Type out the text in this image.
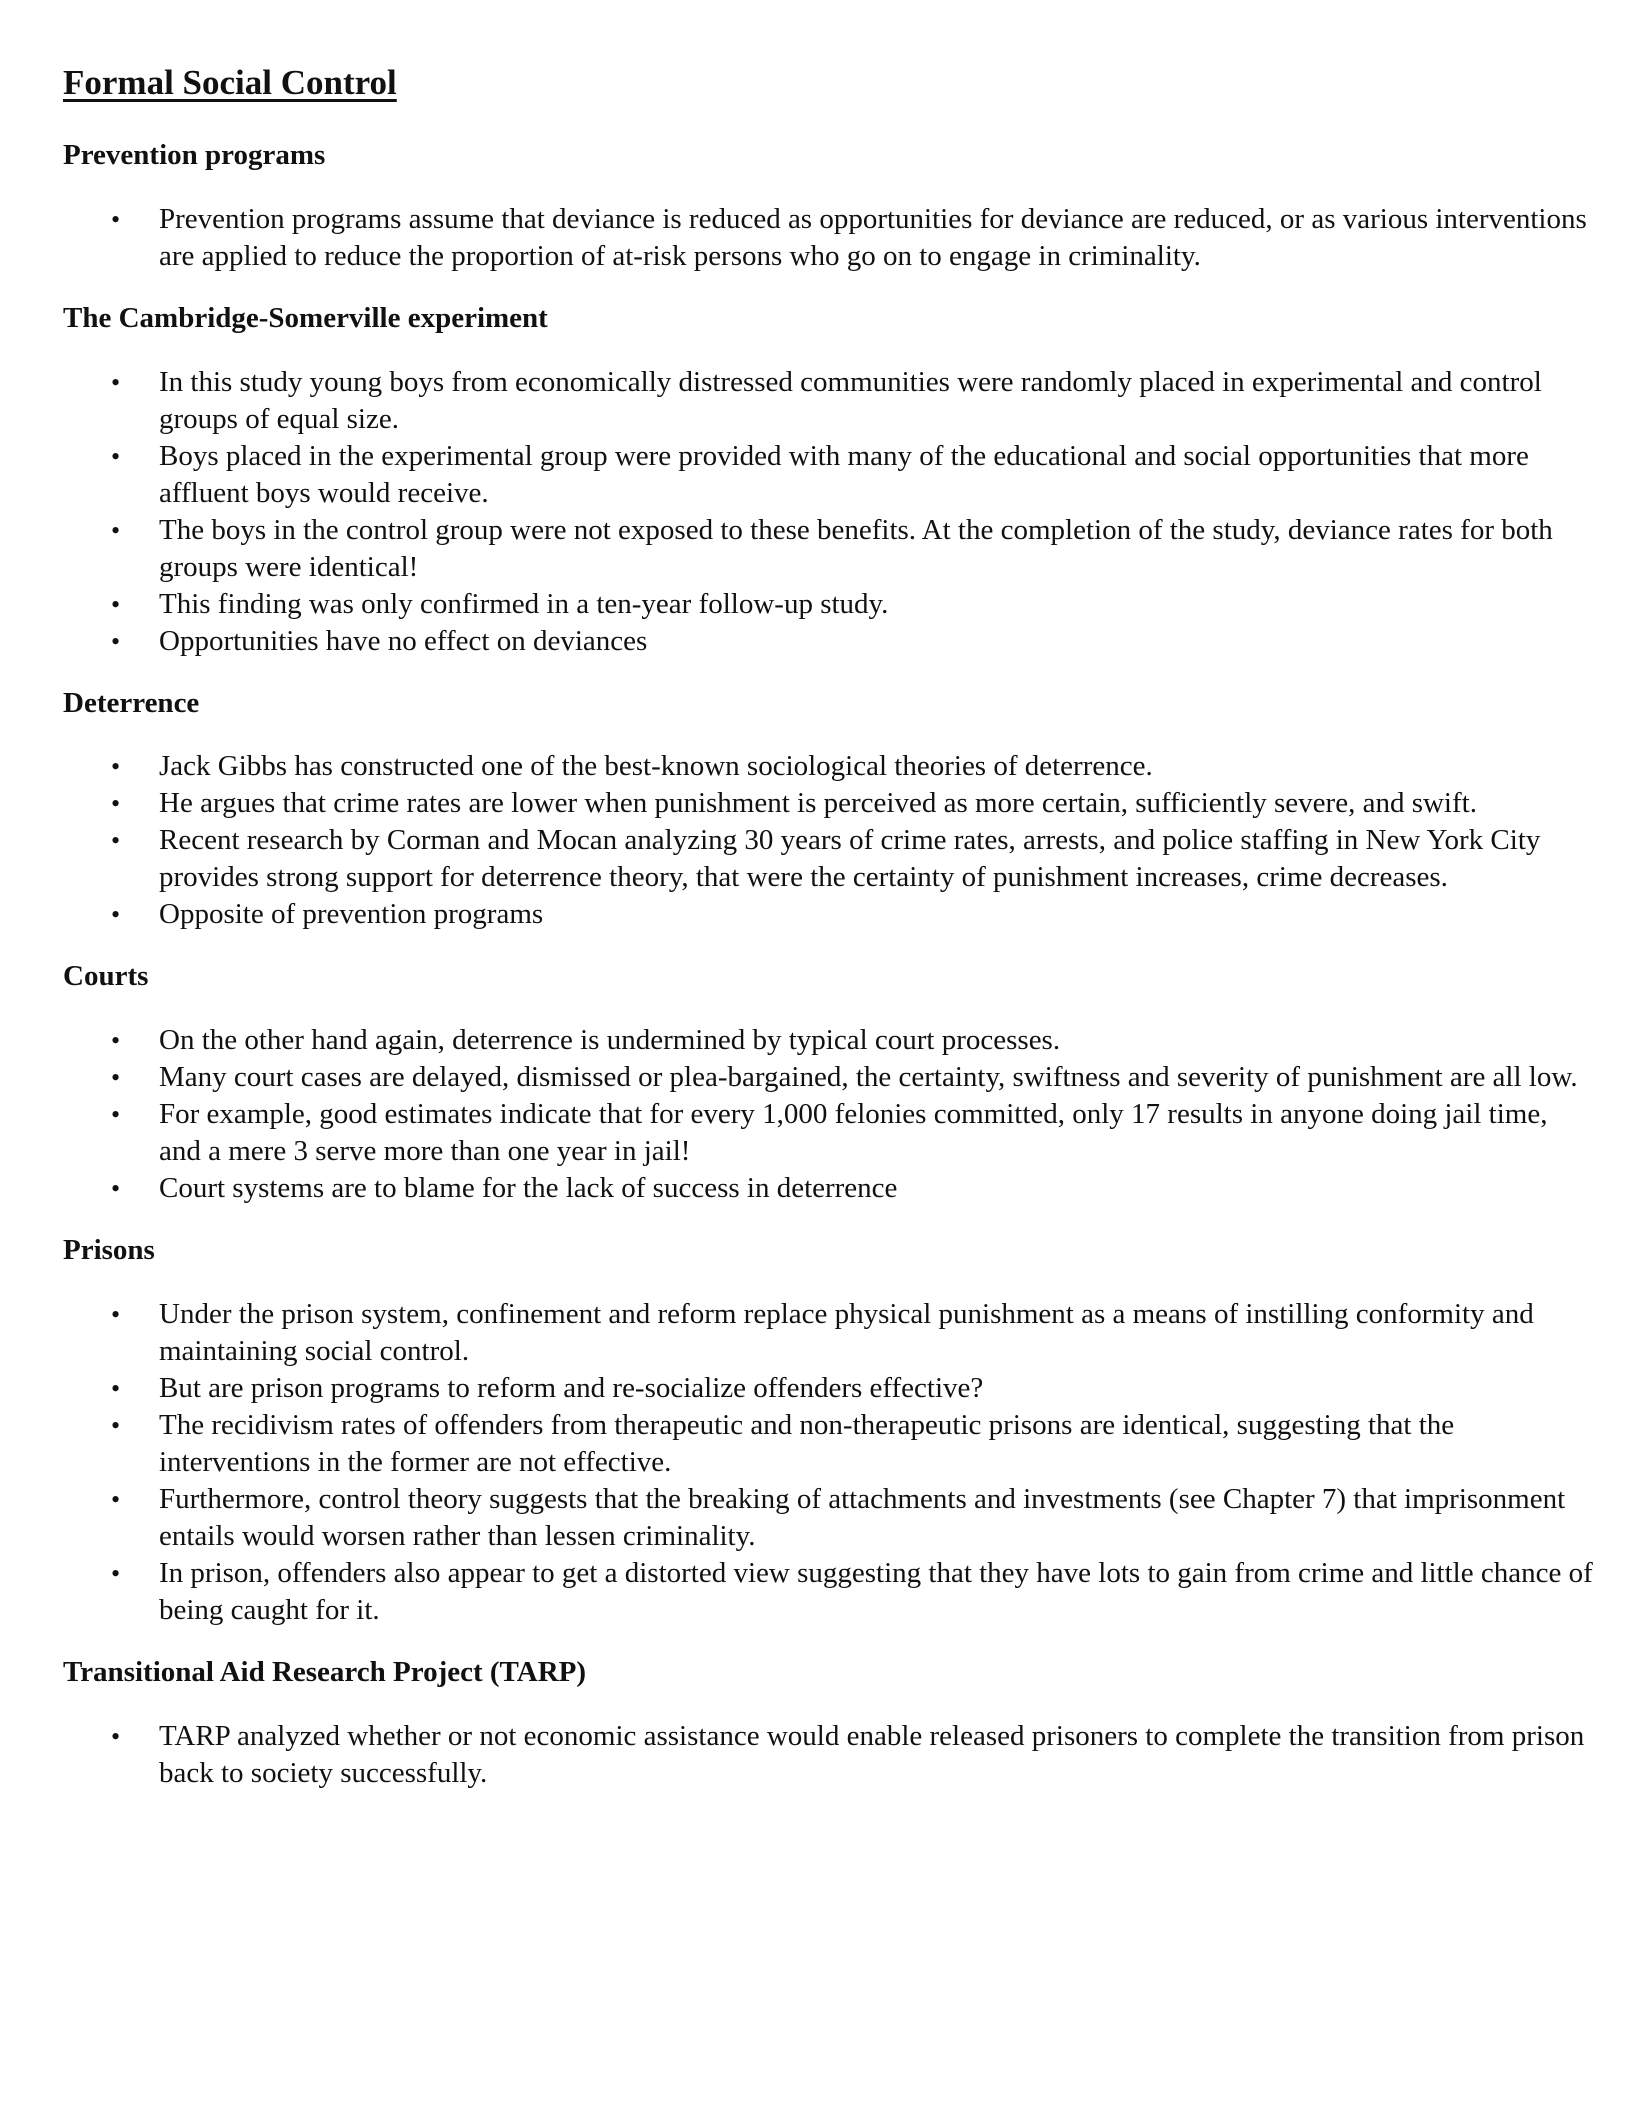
Formal Social Control
Prevention programs
• Prevention programs assume that deviance is reduced as opportunities for deviance are reduced, or as various interventions are applied to reduce the proportion of at-risk persons who go on to engage in criminality.
The Cambridge-Somerville experiment
• In this study young boys from economically distressed communities were randomly placed in experimental and control groups of equal size.
• Boys placed in the experimental group were provided with many of the educational and social opportunities that more affluent boys would receive.
• The boys in the control group were not exposed to these benefits. At the completion of the study, deviance rates for both groups were identical!
• This finding was only confirmed in a ten-year follow-up study.
• Opportunities have no effect on deviances
Deterrence
• Jack Gibbs has constructed one of the best-known sociological theories of deterrence.
• He argues that crime rates are lower when punishment is perceived as more certain, sufficiently severe, and swift.
• Recent research by Corman and Mocan analyzing 30 years of crime rates, arrests, and police staffing in New York City provides strong support for deterrence theory, that were the certainty of punishment increases, crime decreases.
• Opposite of prevention programs
Courts
• On the other hand again, deterrence is undermined by typical court processes.
• Many court cases are delayed, dismissed or plea-bargained, the certainty, swiftness and severity of punishment are all low.
• For example, good estimates indicate that for every 1,000 felonies committed, only 17 results in anyone doing jail time, and a mere 3 serve more than one year in jail!
• Court systems are to blame for the lack of success in deterrence
Prisons
• Under the prison system, confinement and reform replace physical punishment as a means of instilling conformity and maintaining social control.
• But are prison programs to reform and re-socialize offenders effective?
• The recidivism rates of offenders from therapeutic and non-therapeutic prisons are identical, suggesting that the interventions in the former are not effective.
• Furthermore, control theory suggests that the breaking of attachments and investments (see Chapter 7) that imprisonment entails would worsen rather than lessen criminality.
• In prison, offenders also appear to get a distorted view suggesting that they have lots to gain from crime and little chance of being caught for it.
Transitional Aid Research Project (TARP)
• TARP analyzed whether or not economic assistance would enable released prisoners to complete the transition from prison back to society successfully.
